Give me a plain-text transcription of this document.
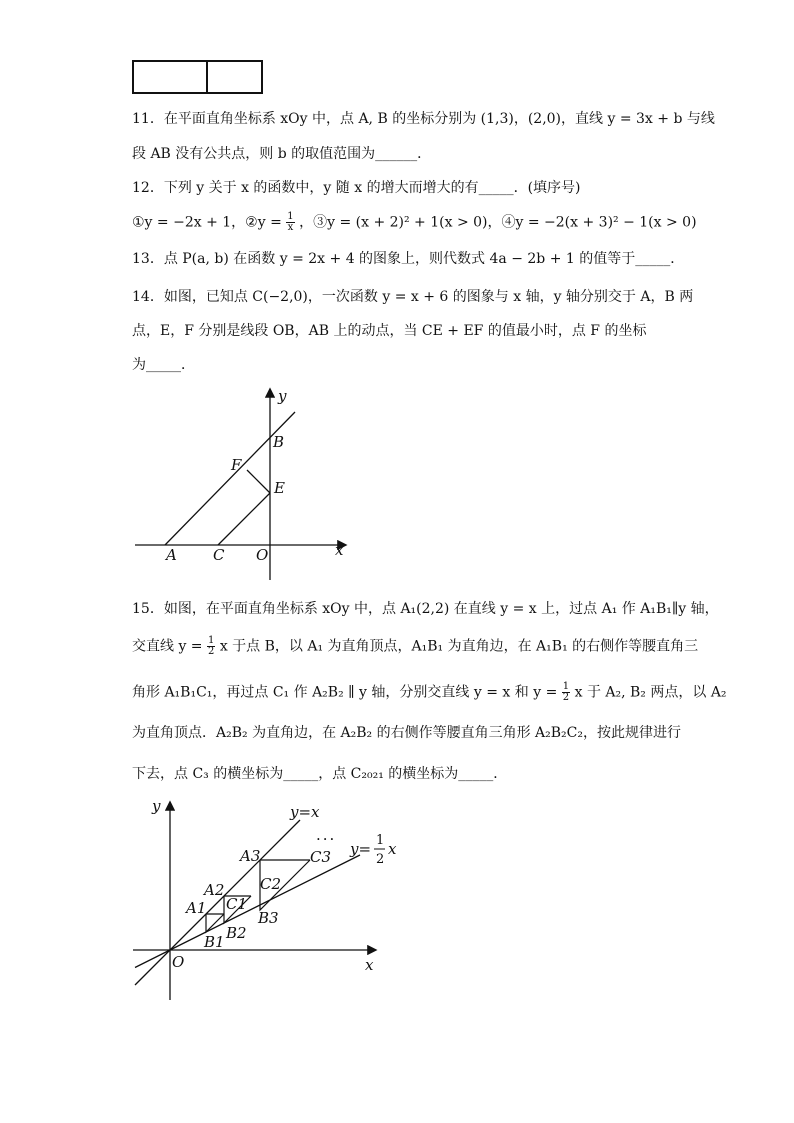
11．在平面直角坐标系 xOy 中，点 A, B 的坐标分别为 (1,3)，(2,0)，直线 y = 3x + b 与线
段 AB 没有公共点，则 b 的取值范围为______．
12．下列 y 关于 x 的函数中，y 随 x 的增大而增大的有_____．(填序号)
①y = −2x + 1，②y = $\frac{1}{x}$ ，③y = (x + 2)² + 1(x > 0)，④y = −2(x + 3)² − 1(x > 0)
13．点 P(a, b) 在函数 y = 2x + 4 的图象上，则代数式 4a − 2b + 1 的值等于_____．
14．如图，已知点 C(−2,0)，一次函数 y = x + 6 的图象与 x 轴，y 轴分别交于 A，B 两
点，E，F 分别是线段 OB，AB 上的动点，当 CE + EF 的值最小时，点 F 的坐标
为_____．
y
x
B
F
E
A C O
15．如图，在平面直角坐标系 xOy 中，点 A₁(2,2) 在直线 y = x 上，过点 A₁ 作 A₁B₁∥y 轴，
交直线 $y = \frac{1}{2}$ x 于点 B，以 A₁ 为直角顶点，A₁B₁ 为直角边，在 A₁B₁ 的右侧作等腰直角三
角形 A₁B₁C₁，再过点 C₁ 作 A₂B₂ ∥ y 轴，分别交直线 y = x 和 $y = \frac{1}{2}$ x 于 A₂, B₂ 两点，以 A₂
为直角顶点．A₂B₂ 为直角边，在 A₂B₂ 的右侧作等腰直角三角形 A₂B₂C₂，按此规律进行
下去，点 C₃ 的横坐标为_____，点 C₂₀₂₁ 的横坐标为_____．
y
x
O
y=x
...
y= 1
2
x
A1
A2
A3
B1 B2
B3
C1
C2
C3
